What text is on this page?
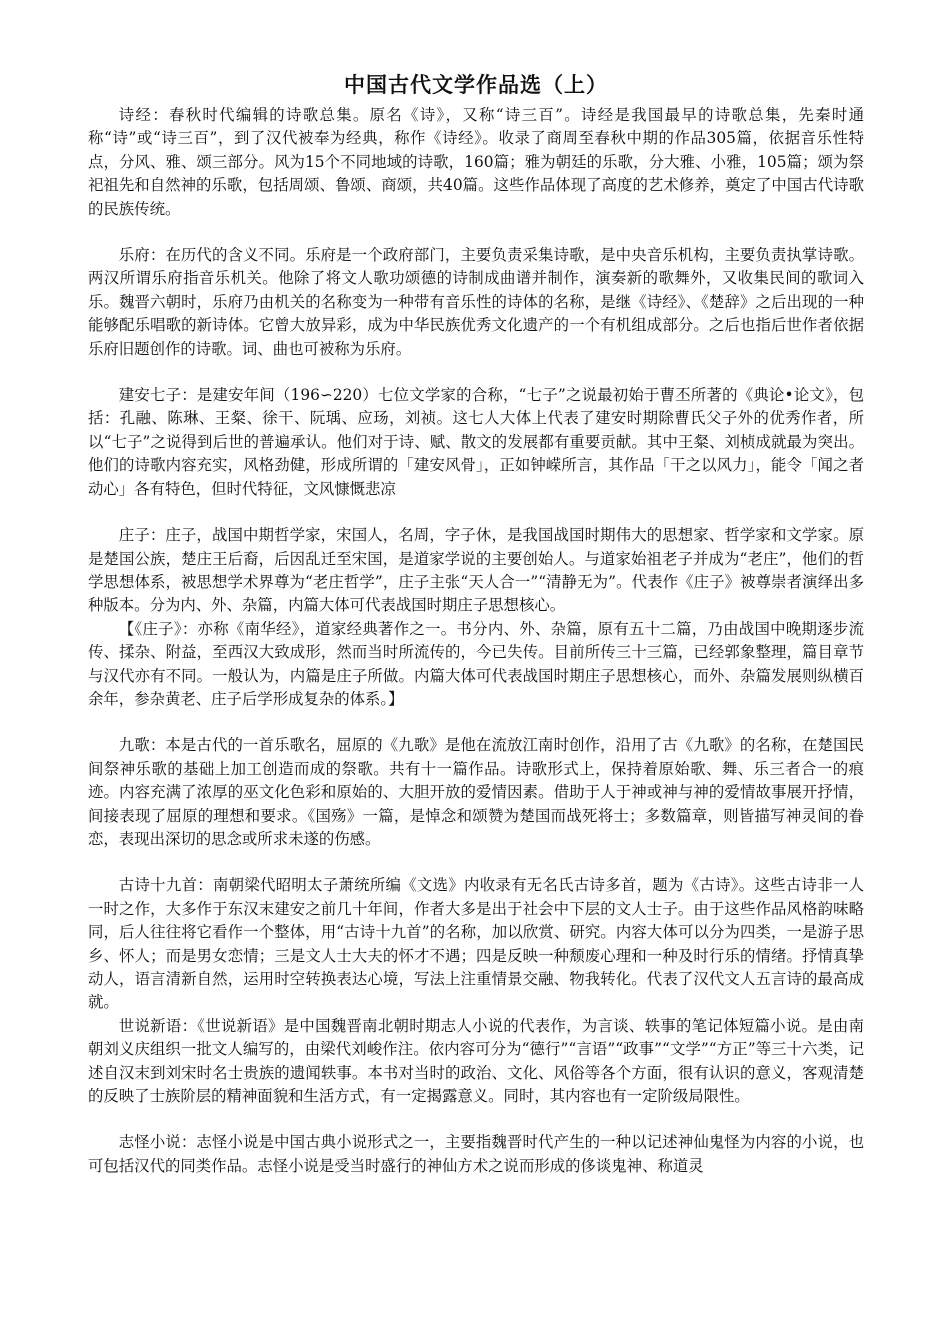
中国古代文学作品选（上）

诗经：春秋时代编辑的诗歌总集。原名《诗》，又称“诗三百”。诗经是我国最早的诗歌总集，先秦时通称“诗”或“诗三百”，到了汉代被奉为经典，称作《诗经》。收录了商周至春秋中期的作品305篇，依据音乐性特点，分风、雅、颂三部分。风为15个不同地域的诗歌，160篇；雅为朝廷的乐歌，分大雅、小雅，105篇；颂为祭祀祖先和自然神的乐歌，包括周颂、鲁颂、商颂，共40篇。这些作品体现了高度的艺术修养，奠定了中国古代诗歌的民族传统。

乐府：在历代的含义不同。乐府是一个政府部门，主要负责采集诗歌，是中央音乐机构，主要负责执掌诗歌。两汉所谓乐府指音乐机关。他除了将文人歌功颂德的诗制成曲谱并制作，演奏新的歌舞外，又收集民间的歌词入乐。魏晋六朝时，乐府乃由机关的名称变为一种带有音乐性的诗体的名称，是继《诗经》、《楚辞》之后出现的一种能够配乐唱歌的新诗体。它曾大放异彩，成为中华民族优秀文化遗产的一个有机组成部分。之后也指后世作者依据乐府旧题创作的诗歌。词、曲也可被称为乐府。

建安七子：是建安年间（196∽220）七位文学家的合称，“七子”之说最初始于曹丕所著的《典论•论文》，包括：孔融、陈琳、王粲、徐干、阮瑀、应玚，刘祯。这七人大体上代表了建安时期除曹氏父子外的优秀作者，所以“七子”之说得到后世的普遍承认。他们对于诗、赋、散文的发展都有重要贡献。其中王粲、刘桢成就最为突出。他们的诗歌内容充实，风格劲健，形成所谓的「建安风骨」，正如钟嵘所言，其作品「干之以风力」，能令「闻之者动心」各有特色，但时代特征，文风慷慨悲凉

庄子：庄子，战国中期哲学家，宋国人，名周，字子休，是我国战国时期伟大的思想家、哲学家和文学家。原是楚国公族，楚庄王后裔，后因乱迁至宋国，是道家学说的主要创始人。与道家始祖老子并成为“老庄”，他们的哲学思想体系，被思想学术界尊为“老庄哲学”，庄子主张“天人合一”“清静无为”。代表作《庄子》被尊崇者演绎出多种版本。分为内、外、杂篇，内篇大体可代表战国时期庄子思想核心。

【《庄子》：亦称《南华经》，道家经典著作之一。书分内、外、杂篇，原有五十二篇，乃由战国中晚期逐步流传、揉杂、附益，至西汉大致成形，然而当时所流传的，今已失传。目前所传三十三篇，已经郭象整理，篇目章节与汉代亦有不同。一般认为，内篇是庄子所做。内篇大体可代表战国时期庄子思想核心，而外、杂篇发展则纵横百余年，参杂黄老、庄子后学形成复杂的体系。】

九歌：本是古代的一首乐歌名，屈原的《九歌》是他在流放江南时创作，沿用了古《九歌》的名称，在楚国民间祭神乐歌的基础上加工创造而成的祭歌。共有十一篇作品。诗歌形式上，保持着原始歌、舞、乐三者合一的痕迹。内容充满了浓厚的巫文化色彩和原始的、大胆开放的爱情因素。借助于人于神或神与神的爱情故事展开抒情，间接表现了屈原的理想和要求。《国殇》一篇，是悼念和颂赞为楚国而战死将士；多数篇章，则皆描写神灵间的眷恋，表现出深切的思念或所求未遂的伤感。

古诗十九首：南朝梁代昭明太子萧统所编《文选》内收录有无名氏古诗多首，题为《古诗》。这些古诗非一人一时之作，大多作于东汉末建安之前几十年间，作者大多是出于社会中下层的文人士子。由于这些作品风格韵味略同，后人往往将它看作一个整体，用“古诗十九首”的名称，加以欣赏、研究。内容大体可以分为四类，一是游子思乡、怀人；而是男女恋情；三是文人士大夫的怀才不遇；四是反映一种颓废心理和一种及时行乐的情绪。抒情真挚动人，语言清新自然，运用时空转换表达心境，写法上注重情景交融、物我转化。代表了汉代文人五言诗的最高成就。

世说新语：《世说新语》是中国魏晋南北朝时期志人小说的代表作，为言谈、轶事的笔记体短篇小说。是由南朝刘义庆组织一批文人编写的，由梁代刘峻作注。依内容可分为“德行”“言语”“政事”“文学”“方正”等三十六类，记述自汉末到刘宋时名士贵族的遗闻轶事。本书对当时的政治、文化、风俗等各个方面，很有认识的意义，客观清楚的反映了士族阶层的精神面貌和生活方式，有一定揭露意义。同时，其内容也有一定阶级局限性。

志怪小说：志怪小说是中国古典小说形式之一，主要指魏晋时代产生的一种以记述神仙鬼怪为内容的小说，也可包括汉代的同类作品。志怪小说是受当时盛行的神仙方术之说而形成的侈谈鬼神、称道灵
